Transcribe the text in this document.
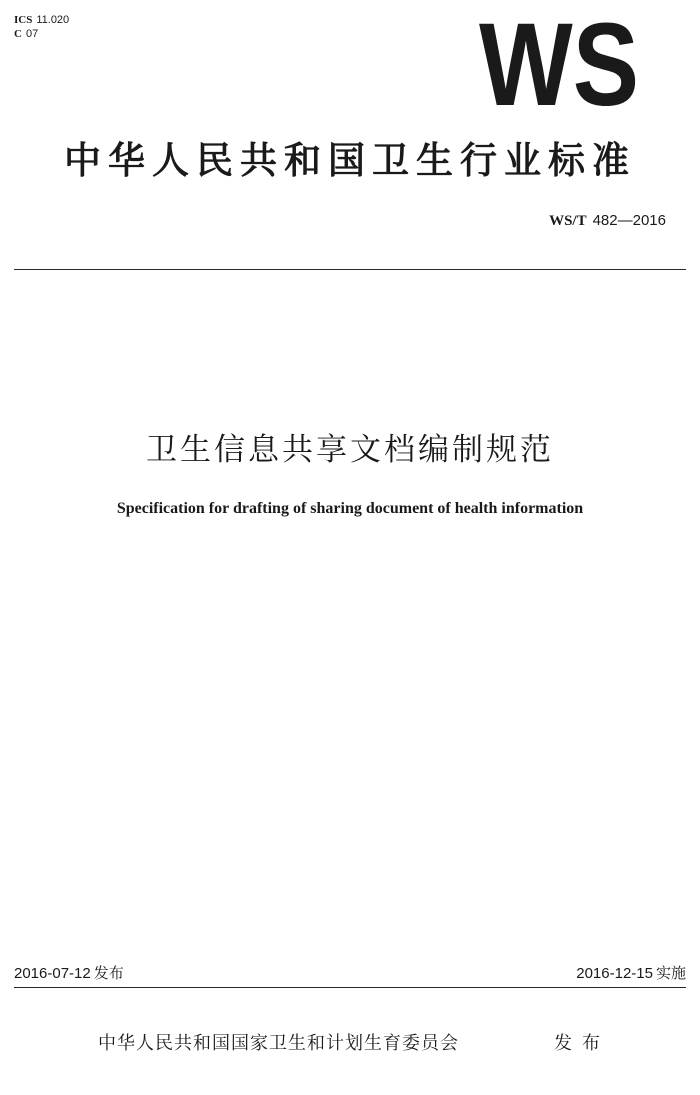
ICS 11.020
C 07	WS
中华人民共和国卫生行业标准
WS/T 482—2016
卫生信息共享文档编制规范
Specification for drafting of sharing document of health information
2016-07-12 发布	2016-12-15 实施
中华人民共和国国家卫生和计划生育委员会	发布
